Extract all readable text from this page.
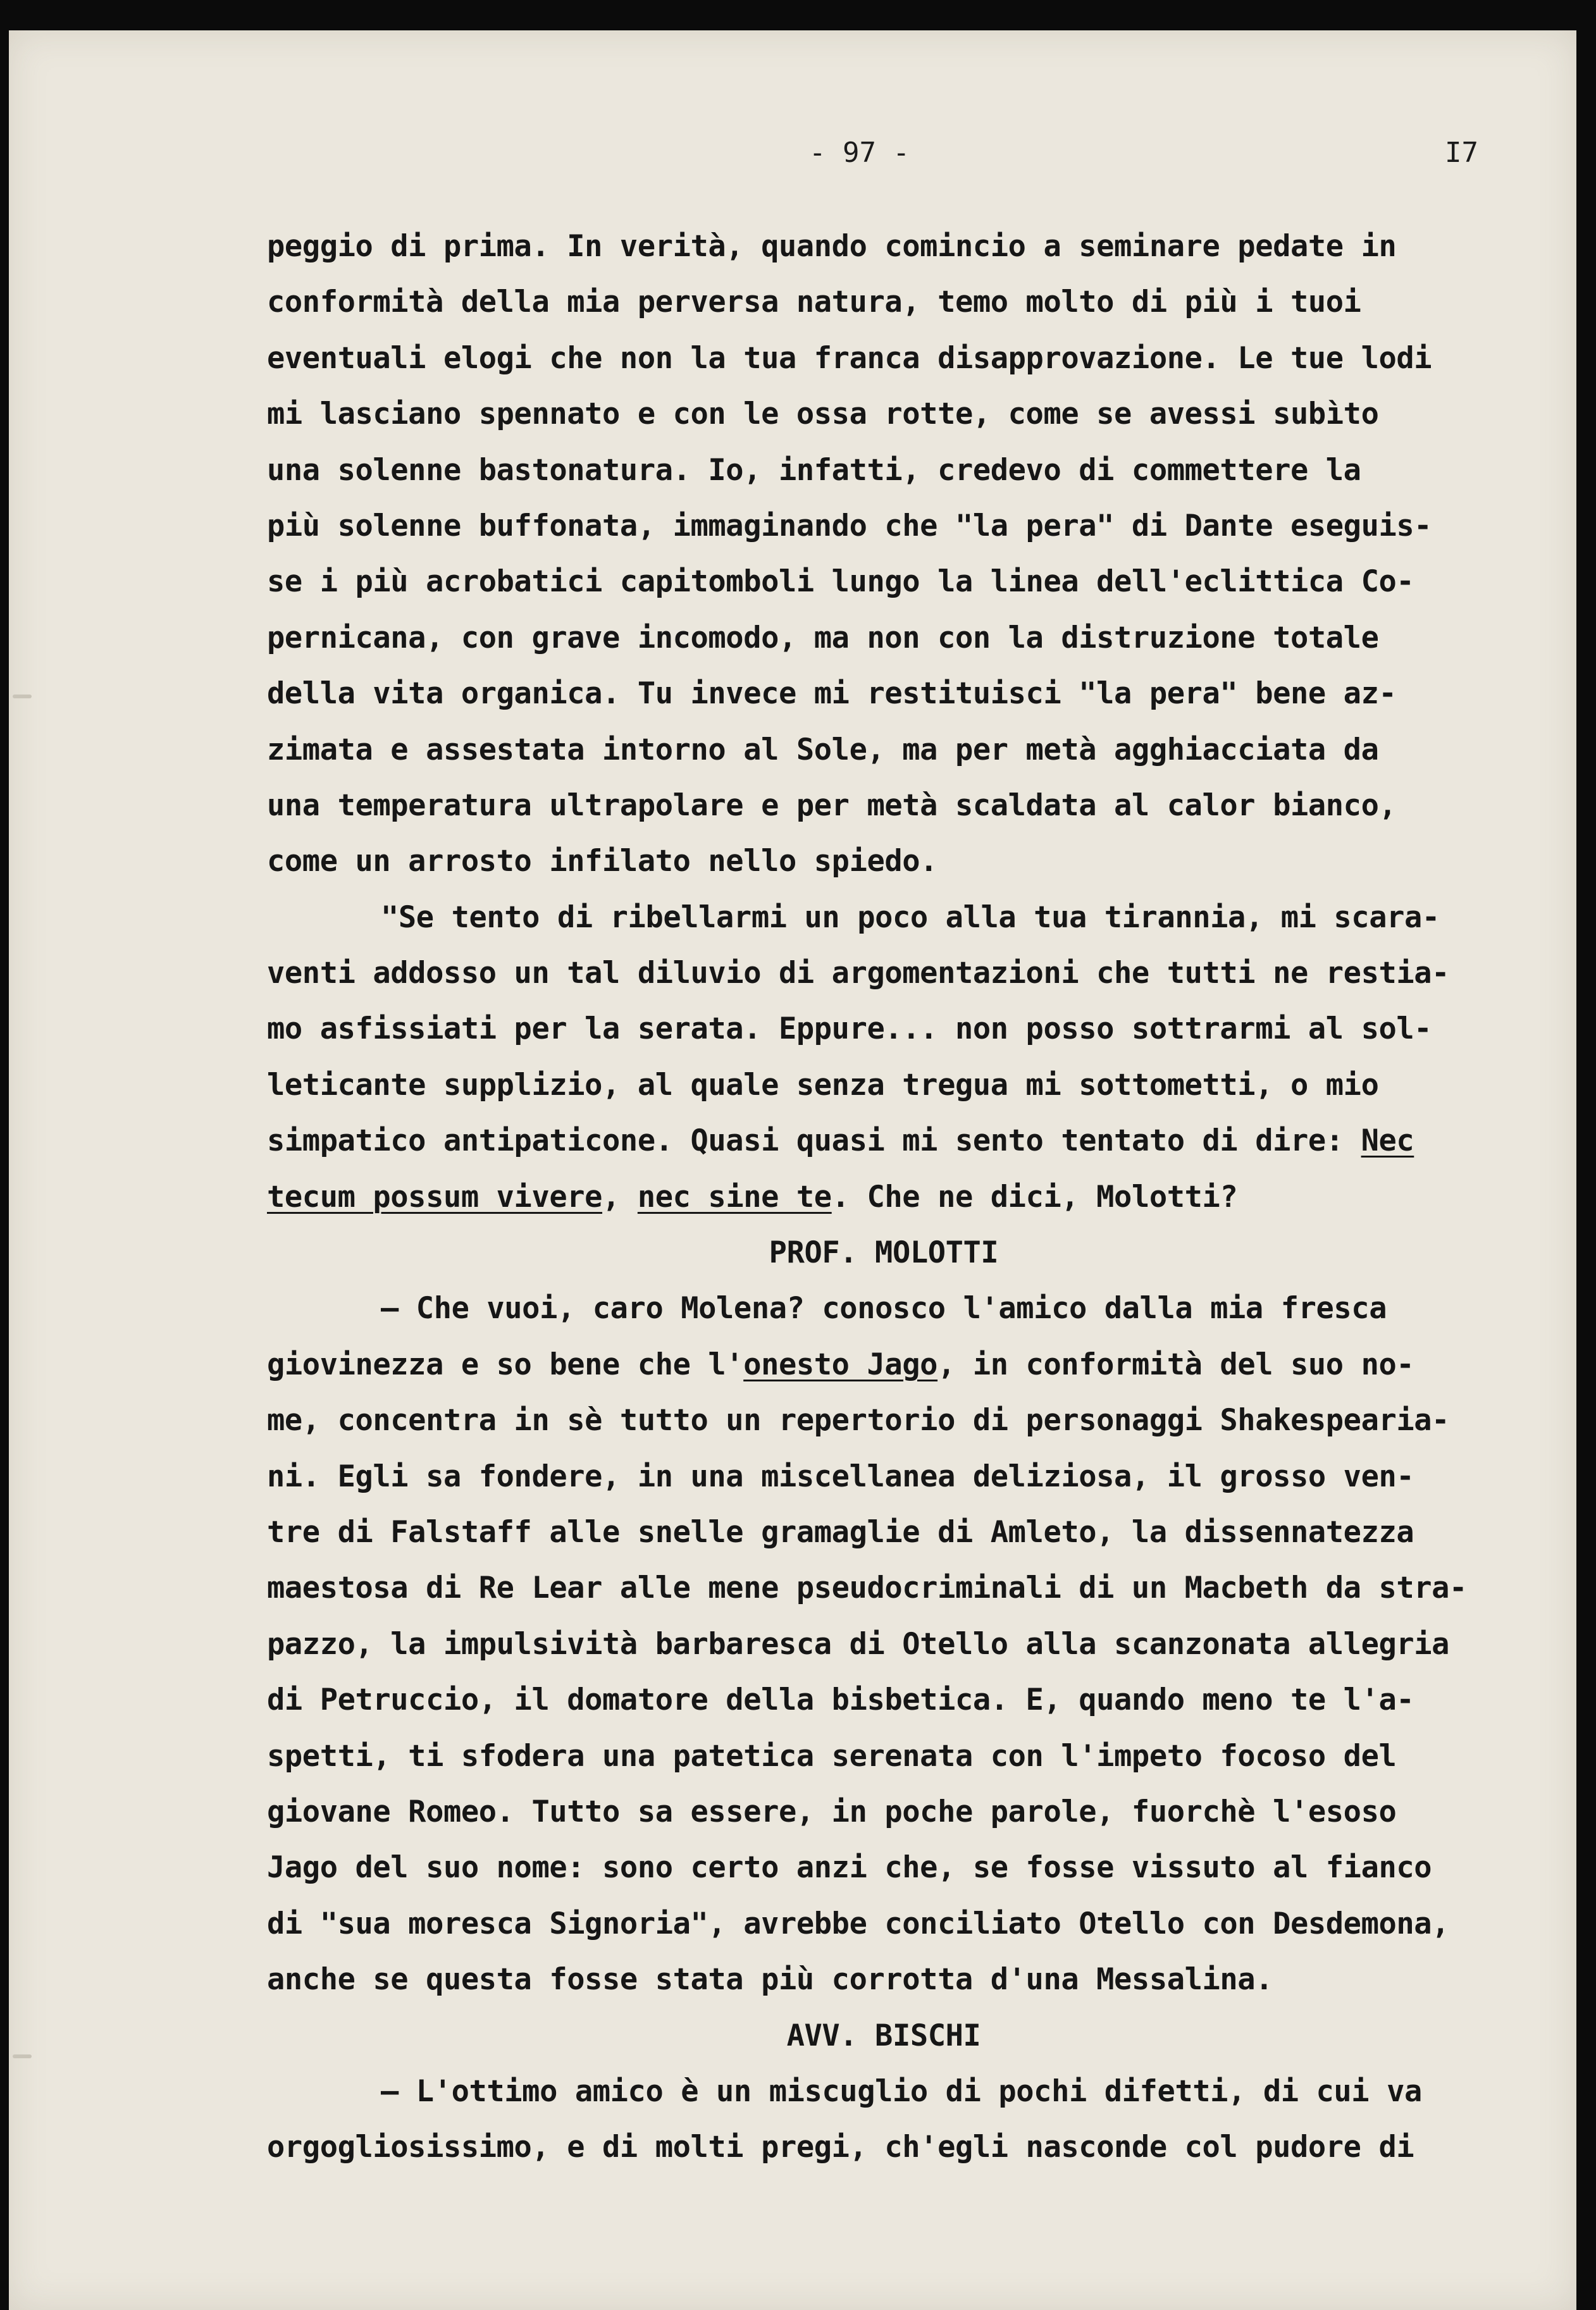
- 97 -	I7
peggio di prima. In verità, quando comincio a seminare pedate in
conformità della mia perversa natura, temo molto di più i tuoi
eventuali elogi che non la tua franca disapprovazione. Le tue lodi
mi lasciano spennato e con le ossa rotte, come se avessi subìto
una solenne bastonatura. Io, infatti, credevo di commettere la
più solenne buffonata, immaginando che "la pera" di Dante eseguis-
se i più acrobatici capitomboli lungo la linea dell'eclittica Co-
pernicana, con grave incomodo, ma non con la distruzione totale
della vita organica. Tu invece mi restituisci "la pera" bene az-
zimata e assestata intorno al Sole, ma per metà agghiacciata da
una temperatura ultrapolare e per metà scaldata al calor bianco,
come un arrosto infilato nello spiedo.
"Se tento di ribellarmi un poco alla tua tirannia, mi scara-
venti addosso un tal diluvio di argomentazioni che tutti ne restia-
mo asfissiati per la serata. Eppure... non posso sottrarmi al sol-
leticante supplizio, al quale senza tregua mi sottometti, o mio
simpatico antipaticone. Quasi quasi mi sento tentato di dire: Nec
tecum possum vivere, nec sine te. Che ne dici, Molotti?
PROF. MOLOTTI
— Che vuoi, caro Molena? conosco l'amico dalla mia fresca
giovinezza e so bene che l'onesto Jago, in conformità del suo no-
me, concentra in sè tutto un repertorio di personaggi Shakespearia-
ni. Egli sa fondere, in una miscellanea deliziosa, il grosso ven-
tre di Falstaff alle snelle gramaglie di Amleto, la dissennatezza
maestosa di Re Lear alle mene pseudocriminali di un Macbeth da stra-
pazzo, la impulsività barbaresca di Otello alla scanzonata allegria
di Petruccio, il domatore della bisbetica. E, quando meno te l'a-
spetti, ti sfodera una patetica serenata con l'impeto focoso del
giovane Romeo. Tutto sa essere, in poche parole, fuorchè l'esoso
Jago del suo nome: sono certo anzi che, se fosse vissuto al fianco
di "sua moresca Signoria", avrebbe conciliato Otello con Desdemona,
anche se questa fosse stata più corrotta d'una Messalina.
AVV. BISCHI
— L'ottimo amico è un miscuglio di pochi difetti, di cui va
orgogliosissimo, e di molti pregi, ch'egli nasconde col pudore di
